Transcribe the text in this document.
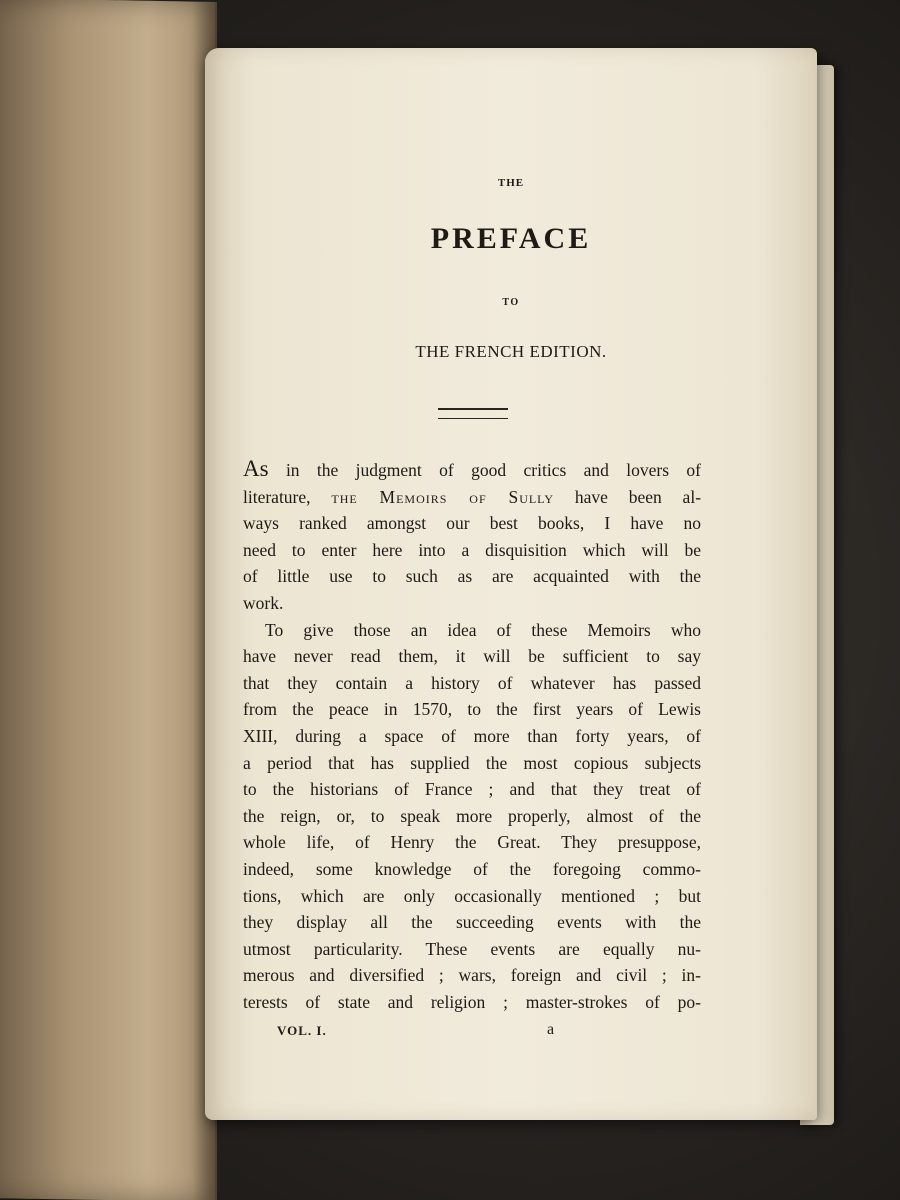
THE
PREFACE
TO
THE FRENCH EDITION.
As in the judgment of good critics and lovers of
literature, the Memoirs of Sully have been al-
ways ranked amongst our best books, I have no
need to enter here into a disquisition which will be
of little use to such as are acquainted with the
work.
To give those an idea of these Memoirs who
have never read them, it will be sufficient to say
that they contain a history of whatever has passed
from the peace in 1570, to the first years of Lewis
XIII, during a space of more than forty years, of
a period that has supplied the most copious subjects
to the historians of France ; and that they treat of
the reign, or, to speak more properly, almost of the
whole life, of Henry the Great. They presuppose,
indeed, some knowledge of the foregoing commo-
tions, which are only occasionally mentioned ; but
they display all the succeeding events with the
utmost particularity. These events are equally nu-
merous and diversified ; wars, foreign and civil ; in-
terests of state and religion ; master-strokes of po-
VOL. I.	a
